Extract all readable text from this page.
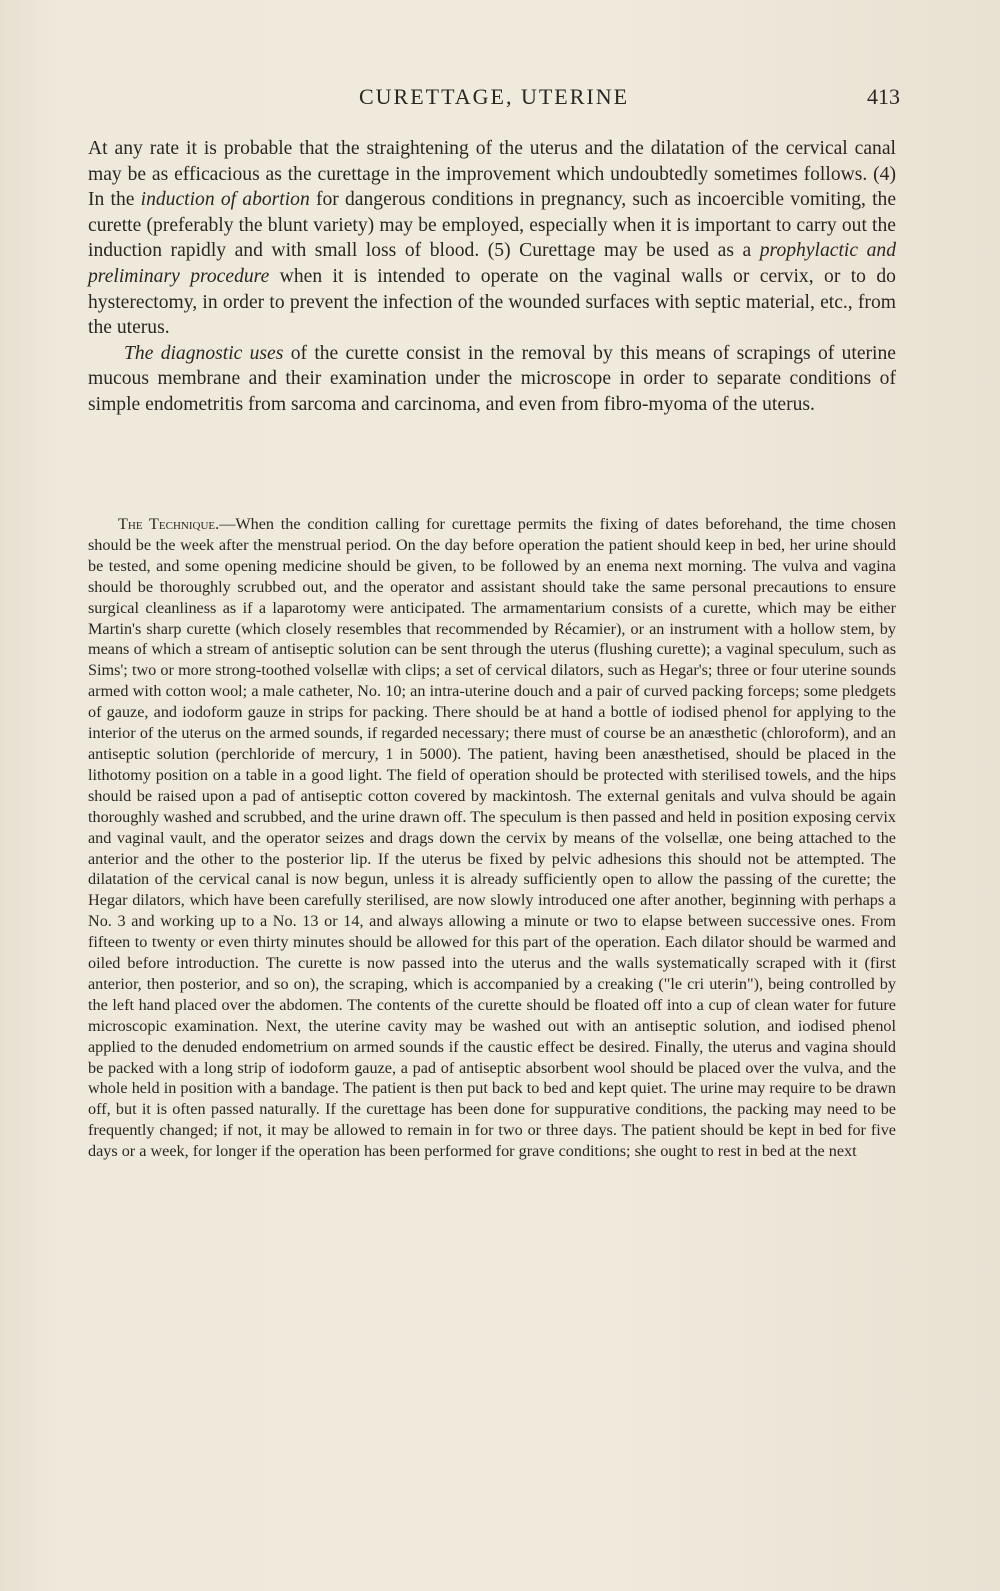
CURETTAGE, UTERINE	413

At any rate it is probable that the straightening of the uterus and the dilatation of the cervical canal may be as efficacious as the curettage in the improvement which undoubtedly sometimes follows. (4) In the induction of abortion for dangerous conditions in pregnancy, such as incoercible vomiting, the curette (preferably the blunt variety) may be employed, especially when it is important to carry out the induction rapidly and with small loss of blood. (5) Curettage may be used as a prophylactic and preliminary procedure when it is intended to operate on the vaginal walls or cervix, or to do hysterectomy, in order to prevent the infection of the wounded surfaces with septic material, etc., from the uterus.

The diagnostic uses of the curette consist in the removal by this means of scrapings of uterine mucous membrane and their examination under the microscope in order to separate conditions of simple endometritis from sarcoma and carcinoma, and even from fibro-myoma of the uterus.

The Technique.—When the condition calling for curettage permits the fixing of dates beforehand, the time chosen should be the week after the menstrual period. On the day before operation the patient should keep in bed, her urine should be tested, and some opening medicine should be given, to be followed by an enema next morning. The vulva and vagina should be thoroughly scrubbed out, and the operator and assistant should take the same personal precautions to ensure surgical cleanliness as if a laparotomy were anticipated. The armamentarium consists of a curette, which may be either Martin's sharp curette (which closely resembles that recommended by Récamier), or an instrument with a hollow stem, by means of which a stream of antiseptic solution can be sent through the uterus (flushing curette); a vaginal speculum, such as Sims'; two or more strong-toothed volsellæ with clips; a set of cervical dilators, such as Hegar's; three or four uterine sounds armed with cotton wool; a male catheter, No. 10; an intra-uterine douch and a pair of curved packing forceps; some pledgets of gauze, and iodoform gauze in strips for packing. There should be at hand a bottle of iodised phenol for applying to the interior of the uterus on the armed sounds, if regarded necessary; there must of course be an anæsthetic (chloroform), and an antiseptic solution (perchloride of mercury, 1 in 5000). The patient, having been anæsthetised, should be placed in the lithotomy position on a table in a good light. The field of operation should be protected with sterilised towels, and the hips should be raised upon a pad of antiseptic cotton covered by mackintosh. The external genitals and vulva should be again thoroughly washed and scrubbed, and the urine drawn off. The speculum is then passed and held in position exposing cervix and vaginal vault, and the operator seizes and drags down the cervix by means of the volsellæ, one being attached to the anterior and the other to the posterior lip. If the uterus be fixed by pelvic adhesions this should not be attempted. The dilatation of the cervical canal is now begun, unless it is already sufficiently open to allow the passing of the curette; the Hegar dilators, which have been carefully sterilised, are now slowly introduced one after another, beginning with perhaps a No. 3 and working up to a No. 13 or 14, and always allowing a minute or two to elapse between successive ones. From fifteen to twenty or even thirty minutes should be allowed for this part of the operation. Each dilator should be warmed and oiled before introduction. The curette is now passed into the uterus and the walls systematically scraped with it (first anterior, then posterior, and so on), the scraping, which is accompanied by a creaking ("le cri uterin"), being controlled by the left hand placed over the abdomen. The contents of the curette should be floated off into a cup of clean water for future microscopic examination. Next, the uterine cavity may be washed out with an antiseptic solution, and iodised phenol applied to the denuded endometrium on armed sounds if the caustic effect be desired. Finally, the uterus and vagina should be packed with a long strip of iodoform gauze, a pad of antiseptic absorbent wool should be placed over the vulva, and the whole held in position with a bandage. The patient is then put back to bed and kept quiet. The urine may require to be drawn off, but it is often passed naturally. If the curettage has been done for suppurative conditions, the packing may need to be frequently changed; if not, it may be allowed to remain in for two or three days. The patient should be kept in bed for five days or a week, for longer if the operation has been performed for grave conditions; she ought to rest in bed at the next
